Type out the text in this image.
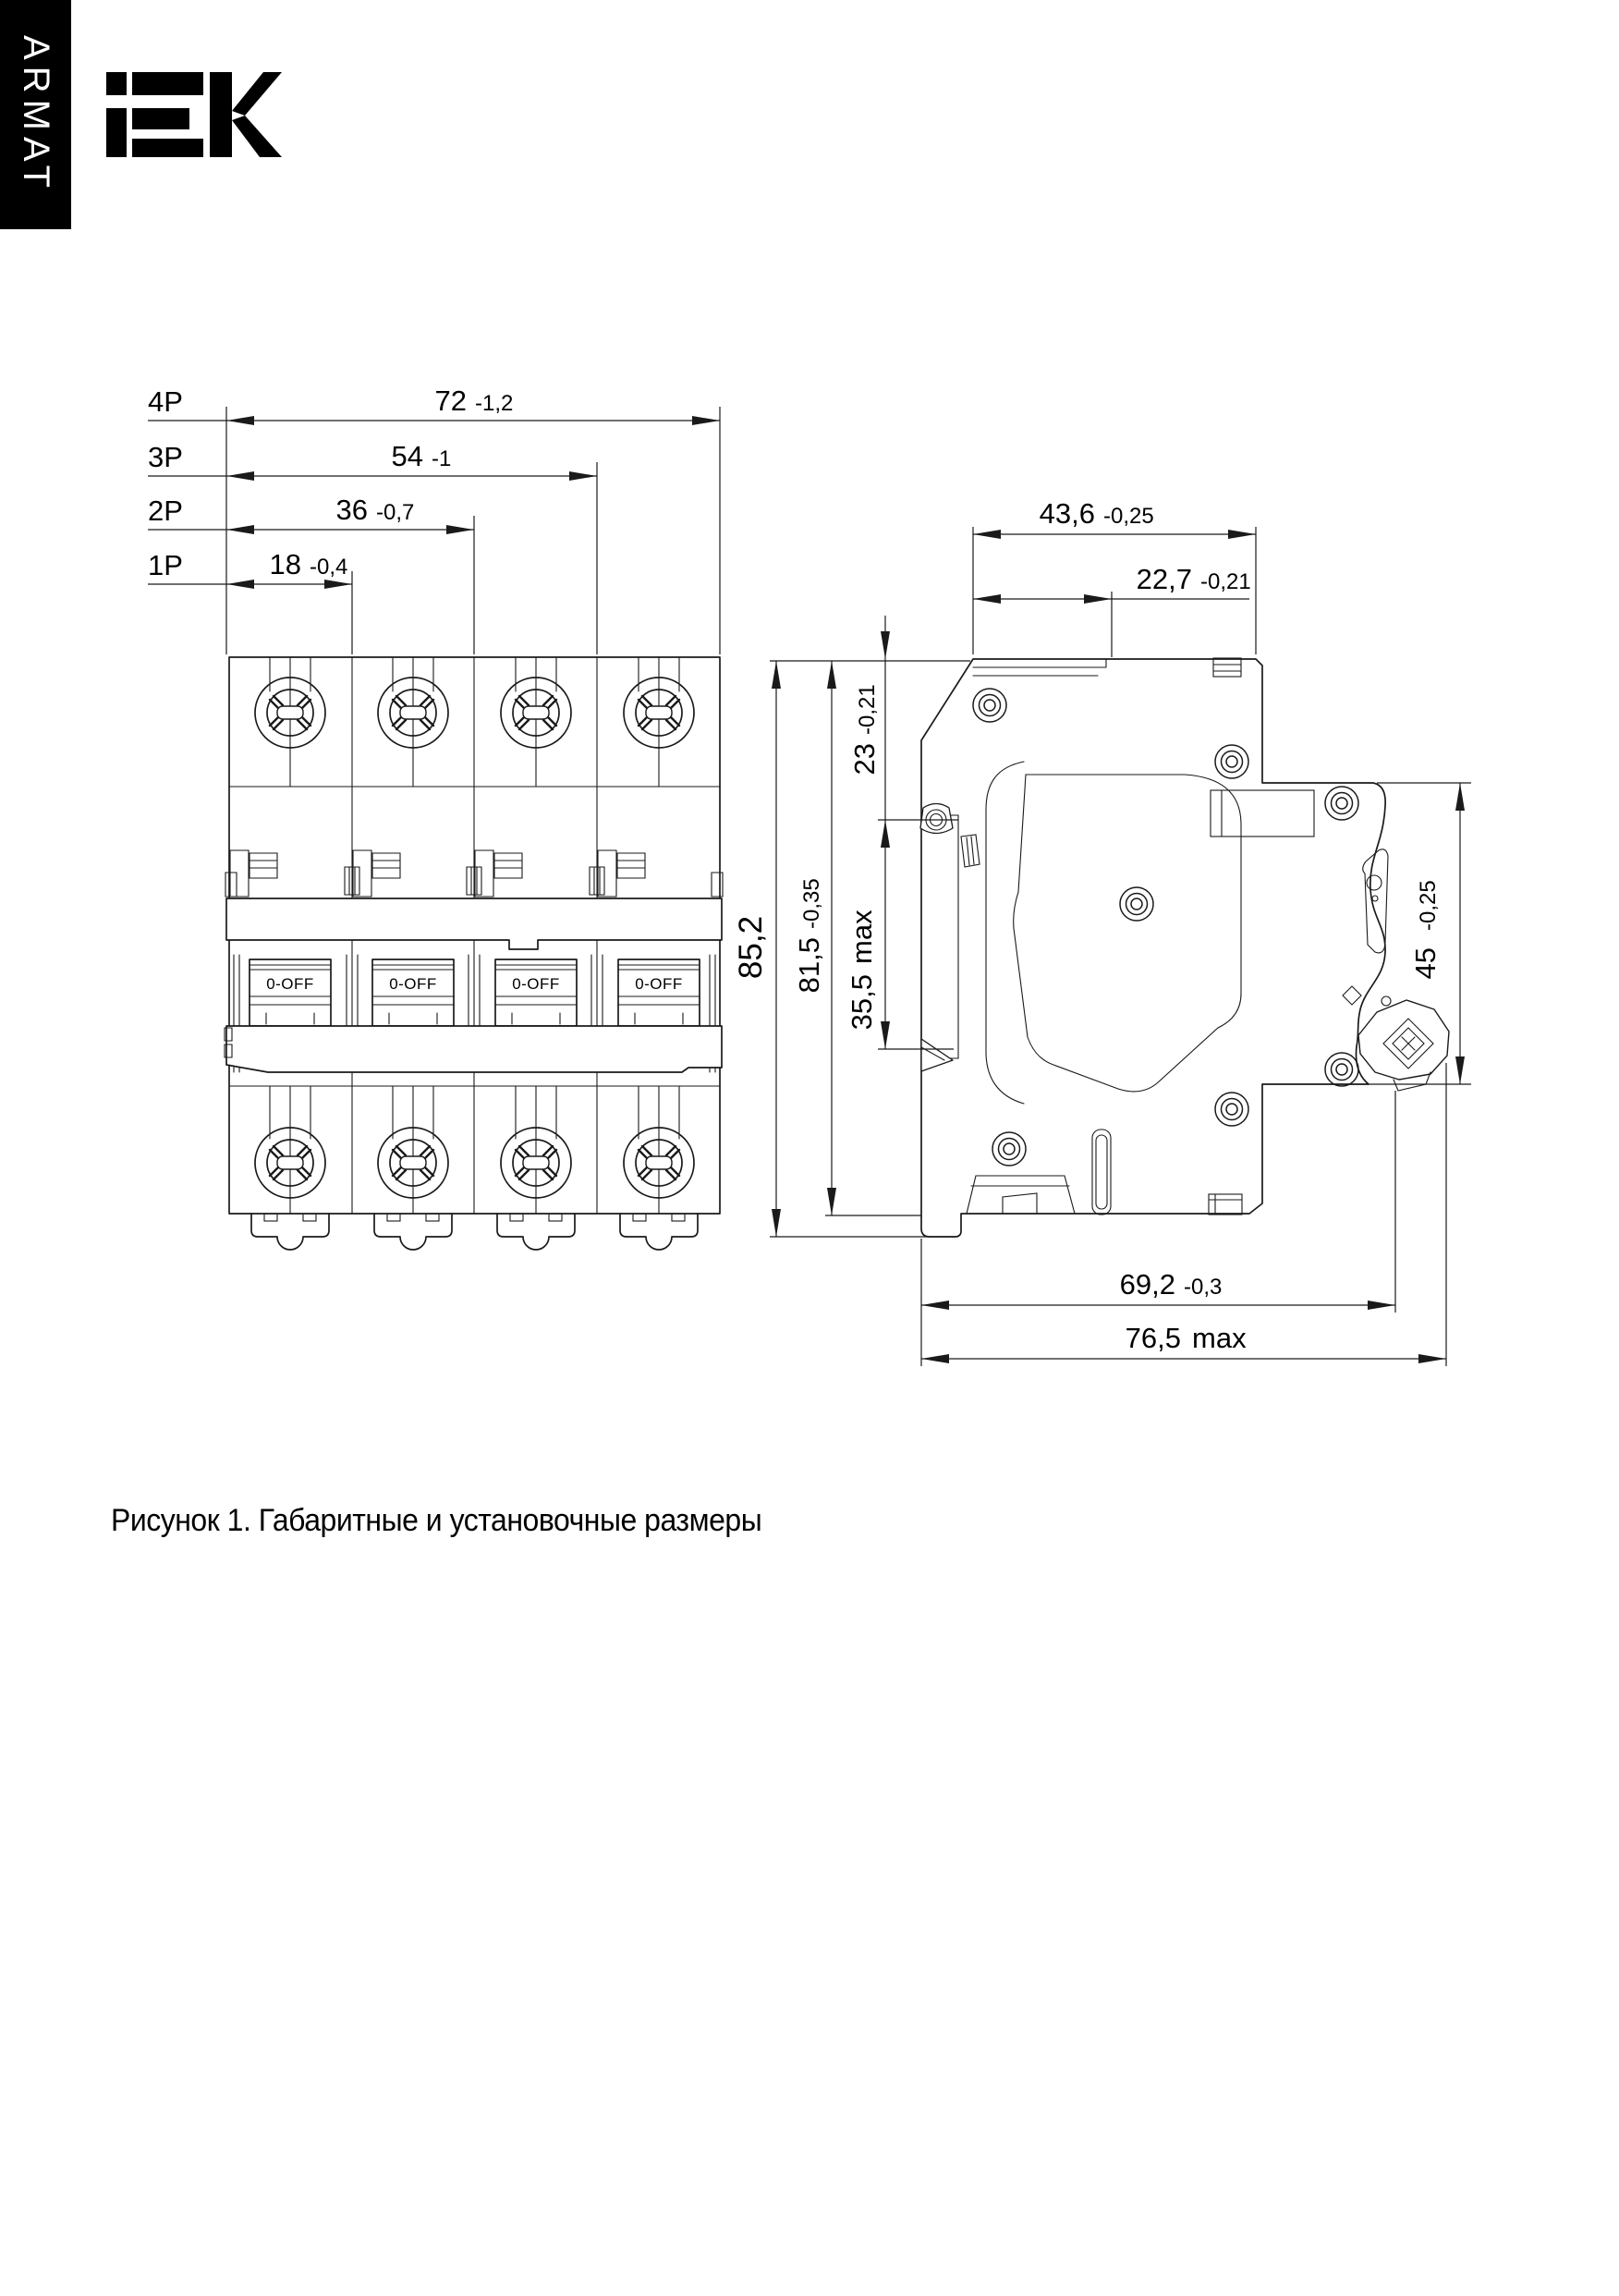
ARMAT
0-OFF	0-OFF	0-OFF	0-OFF
4P	72 -1,2
3P	54 -1
2P	36 -0,7
1P	18 -0,4
85,2 81,5
-0,35
43,6 -0,25
22,7 -0,21
23
-0,21
35,5
max	45
-0,25
69,2 -0,3
76,5 max
Рисунок 1. Габаритные и установочные размеры
